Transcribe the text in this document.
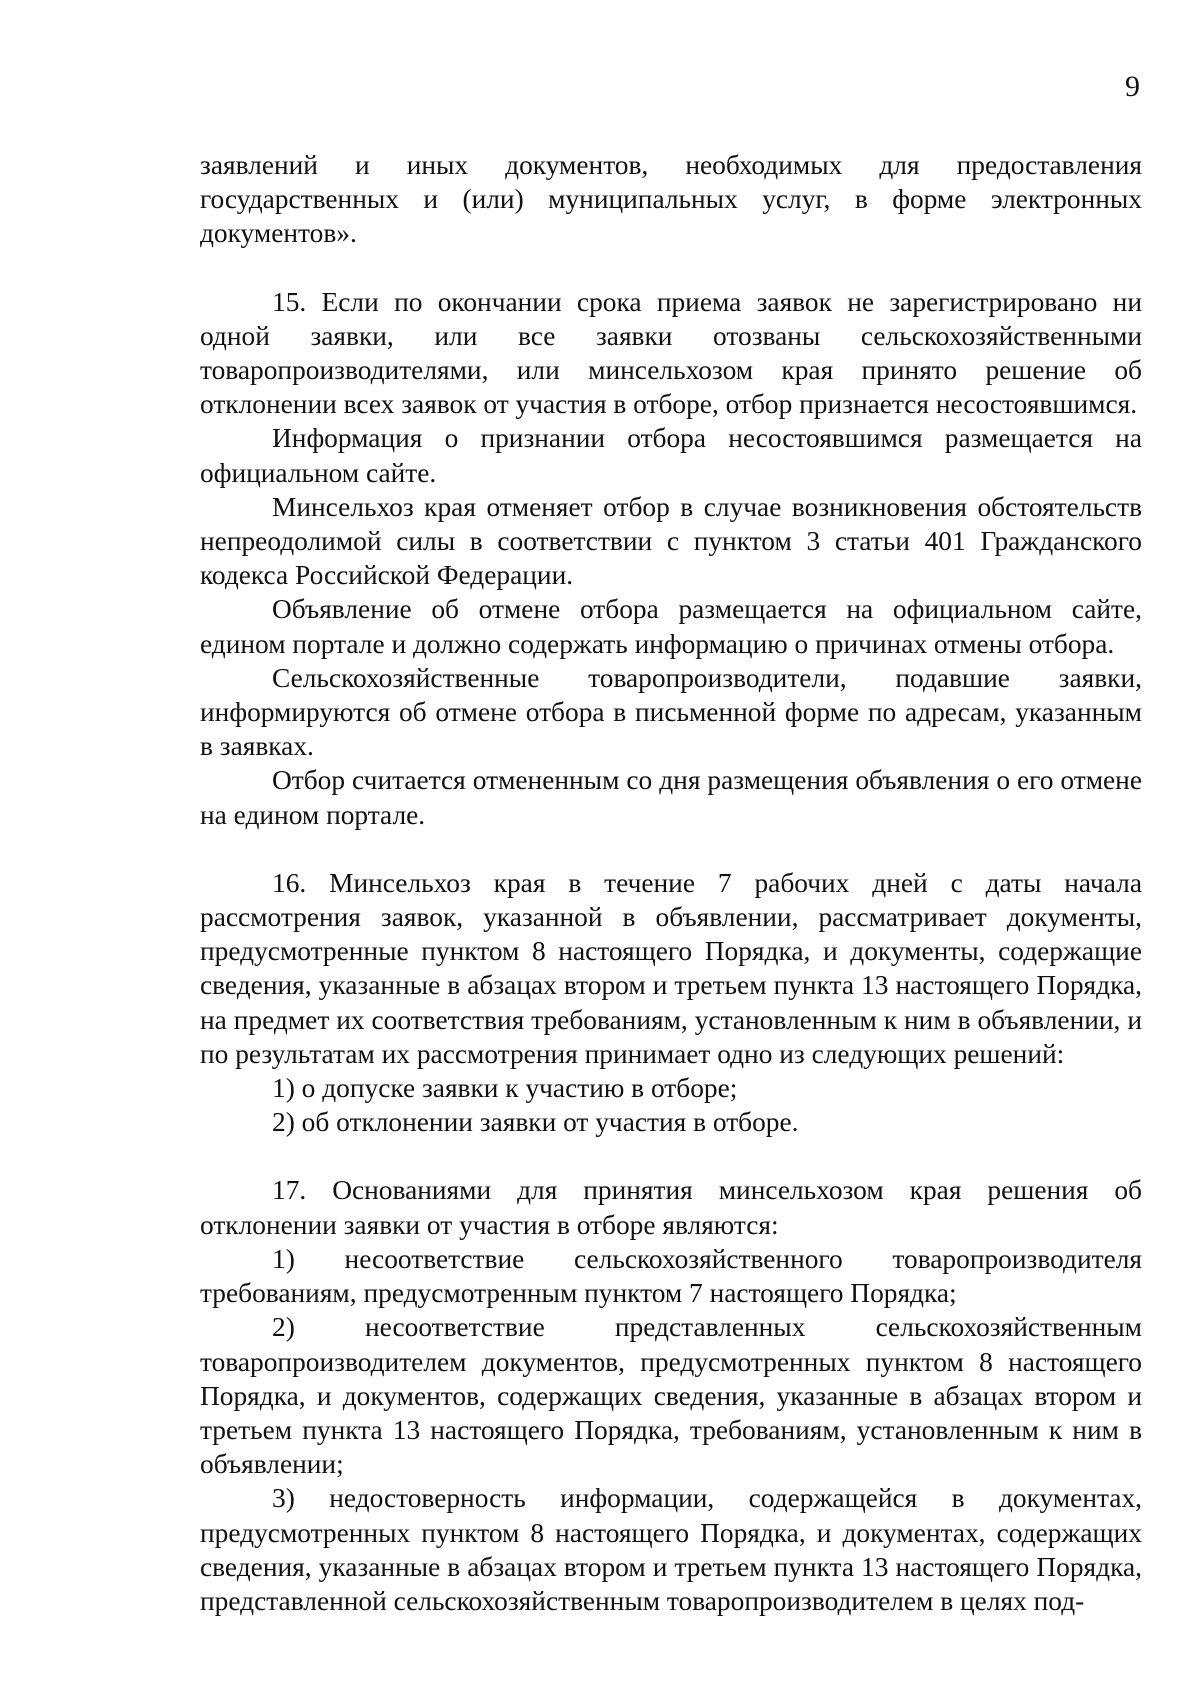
9

заявлений и иных документов, необходимых для предоставления государственных и (или) муниципальных услуг, в форме электронных документов».

15. Если по окончании срока приема заявок не зарегистрировано ни одной заявки, или все заявки отозваны сельскохозяйственными товаропроизводителями, или минсельхозом края принято решение об отклонении всех заявок от участия в отборе, отбор признается несостоявшимся.

Информация о признании отбора несостоявшимся размещается на официальном сайте.

Минсельхоз края отменяет отбор в случае возникновения обстоятельств непреодолимой силы в соответствии с пунктом 3 статьи 401 Гражданского кодекса Российской Федерации.

Объявление об отмене отбора размещается на официальном сайте, едином портале и должно содержать информацию о причинах отмены отбора.

Сельскохозяйственные товаропроизводители, подавшие заявки, информируются об отмене отбора в письменной форме по адресам, указанным в заявках.

Отбор считается отмененным со дня размещения объявления о его отмене на едином портале.

16. Минсельхоз края в течение 7 рабочих дней с даты начала рассмотрения заявок, указанной в объявлении, рассматривает документы, предусмотренные пунктом 8 настоящего Порядка, и документы, содержащие сведения, указанные в абзацах втором и третьем пункта 13 настоящего Порядка, на предмет их соответствия требованиям, установленным к ним в объявлении, и по результатам их рассмотрения принимает одно из следующих решений:

1) о допуске заявки к участию в отборе;

2) об отклонении заявки от участия в отборе.

17. Основаниями для принятия минсельхозом края решения об отклонении заявки от участия в отборе являются:

1) несоответствие сельскохозяйственного товаропроизводителя требованиям, предусмотренным пунктом 7 настоящего Порядка;

2) несоответствие представленных сельскохозяйственным товаропроизводителем документов, предусмотренных пунктом 8 настоящего Порядка, и документов, содержащих сведения, указанные в абзацах втором и третьем пункта 13 настоящего Порядка, требованиям, установленным к ним в объявлении;

3) недостоверность информации, содержащейся в документах, предусмотренных пунктом 8 настоящего Порядка, и документах, содержащих сведения, указанные в абзацах втором и третьем пункта 13 настоящего Порядка, представленной сельскохозяйственным товаропроизводителем в целях под-
